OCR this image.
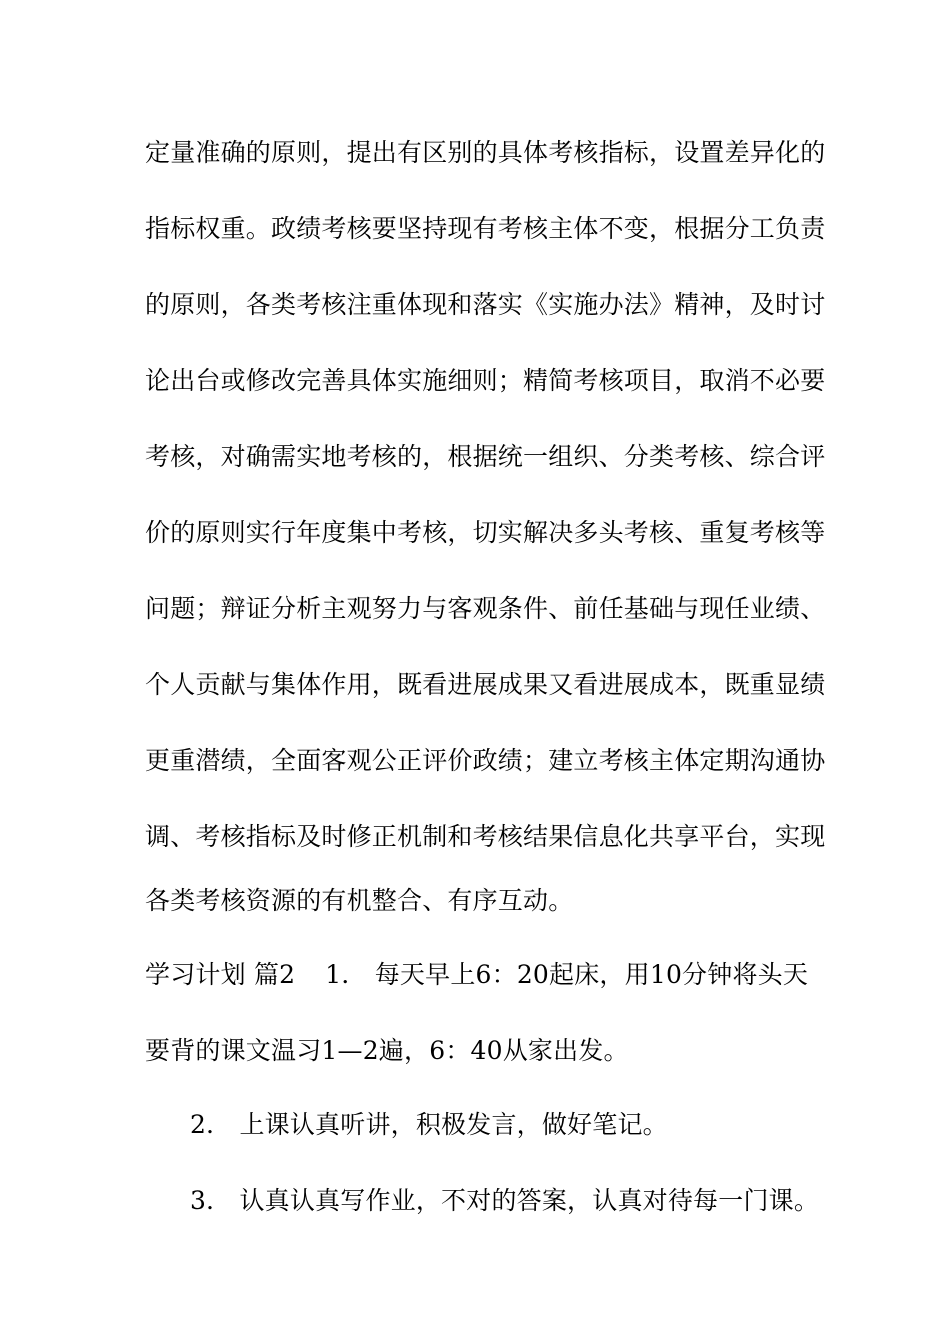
定量准确的原则，提出有区别的具体考核指标，设置差异化的
指标权重。政绩考核要坚持现有考核主体不变，根据分工负责
的原则，各类考核注重体现和落实《实施办法》精神，及时讨
论出台或修改完善具体实施细则；精简考核项目，取消不必要
考核，对确需实地考核的，根据统一组织、分类考核、综合评
价的原则实行年度集中考核，切实解决多头考核、重复考核等
问题；辩证分析主观努力与客观条件、前任基础与现任业绩、
个人贡献与集体作用，既看进展成果又看进展成本，既重显绩
更重潜绩，全面客观公正评价政绩；建立考核主体定期沟通协
调、考核指标及时修正机制和考核结果信息化共享平台，实现
各类考核资源的有机整合、有序互动。
学习计划 篇2 1． 每天早上6：20起床，用10分钟将头天
要背的课文温习1—2遍，6：40从家出发。
2． 上课认真听讲，积极发言，做好笔记。
3． 认真认真写作业，不对的答案，认真对待每一门课。
